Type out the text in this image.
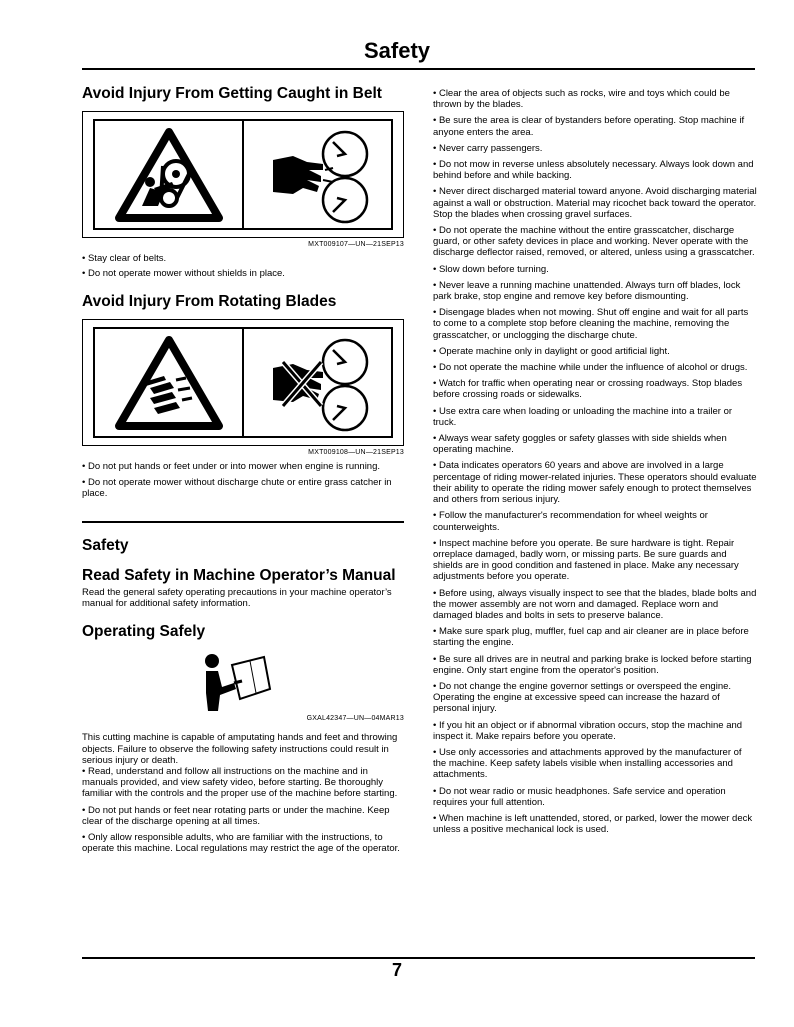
Safety
Avoid Injury From Getting Caught in Belt
MXT009107—UN—21SEP13

• Stay clear of belts.

• Do not operate mower without shields in place.

Avoid Injury From Rotating Blades
MXT009108—UN—21SEP13

• Do not put hands or feet under or into mower when engine is running.

• Do not operate mower without discharge chute or entire grass catcher in place.

Safety
Read Safety in Machine Operator’s Manual

Read the general safety operating precautions in your machine operator’s manual for additional safety information.

Operating Safely
GXAL42347—UN—04MAR13

This cutting machine is capable of amputating hands and feet and throwing objects. Failure to observe the following safety instructions could result in serious injury or death.

• Read, understand and follow all instructions on the machine and in manuals provided, and view safety video, before starting. Be thoroughly familiar with the controls and the proper use of the machine before starting.

• Do not put hands or feet near rotating parts or under the machine. Keep clear of the discharge opening at all times.

• Only allow responsible adults, who are familiar with the instructions, to operate this machine. Local regulations may restrict the age of the operator.

• Clear the area of objects such as rocks, wire and toys which could be thrown by the blades.

• Be sure the area is clear of bystanders before operating. Stop machine if anyone enters the area.

• Never carry passengers.

• Do not mow in reverse unless absolutely necessary. Always look down and behind before and while backing.

• Never direct discharged material toward anyone. Avoid discharging material against a wall or obstruction. Material may ricochet back toward the operator. Stop the blades when crossing gravel surfaces.

• Do not operate the machine without the entire grasscatcher, discharge guard, or other safety devices in place and working. Never operate with the discharge deflector raised, removed, or altered, unless using a grasscatcher.

• Slow down before turning.

• Never leave a running machine unattended. Always turn off blades, lock park brake, stop engine and remove key before dismounting.

• Disengage blades when not mowing. Shut off engine and wait for all parts to come to a complete stop before cleaning the machine, removing the grasscatcher, or unclogging the discharge chute.

• Operate machine only in daylight or good artificial light.

• Do not operate the machine while under the influence of alcohol or drugs.

• Watch for traffic when operating near or crossing roadways. Stop blades before crossing roads or sidewalks.

• Use extra care when loading or unloading the machine into a trailer or truck.

• Always wear safety goggles or safety glasses with side shields when operating machine.

• Data indicates operators 60 years and above are involved in a large percentage of riding mower-related injuries. These operators should evaluate their ability to operate the riding mower safely enough to protect themselves and others from serious injury.

• Follow the manufacturer's recommendation for wheel weights or counterweights.

• Inspect machine before you operate. Be sure hardware is tight. Repair orreplace damaged, badly worn, or missing parts. Be sure guards and shields are in good condition and fastened in place. Make any necessary adjustments before you operate.

• Before using, always visually inspect to see that the blades, blade bolts and the mower assembly are not worn and damaged. Replace worn and damaged blades and bolts in sets to preserve balance.

• Make sure spark plug, muffler, fuel cap and air cleaner are in place before starting the engine.

• Be sure all drives are in neutral and parking brake is locked before starting engine. Only start engine from the operator's position.

• Do not change the engine governor settings or overspeed the engine. Operating the engine at excessive speed can increase the hazard of personal injury.

• If you hit an object or if abnormal vibration occurs, stop the machine and inspect it. Make repairs before you operate.

• Use only accessories and attachments approved by the manufacturer of the machine. Keep safety labels visible when installing accessories and attachments.

• Do not wear radio or music headphones. Safe service and operation requires your full attention.

• When machine is left unattended, stored, or parked, lower the mower deck unless a positive mechanical lock is used.

7
